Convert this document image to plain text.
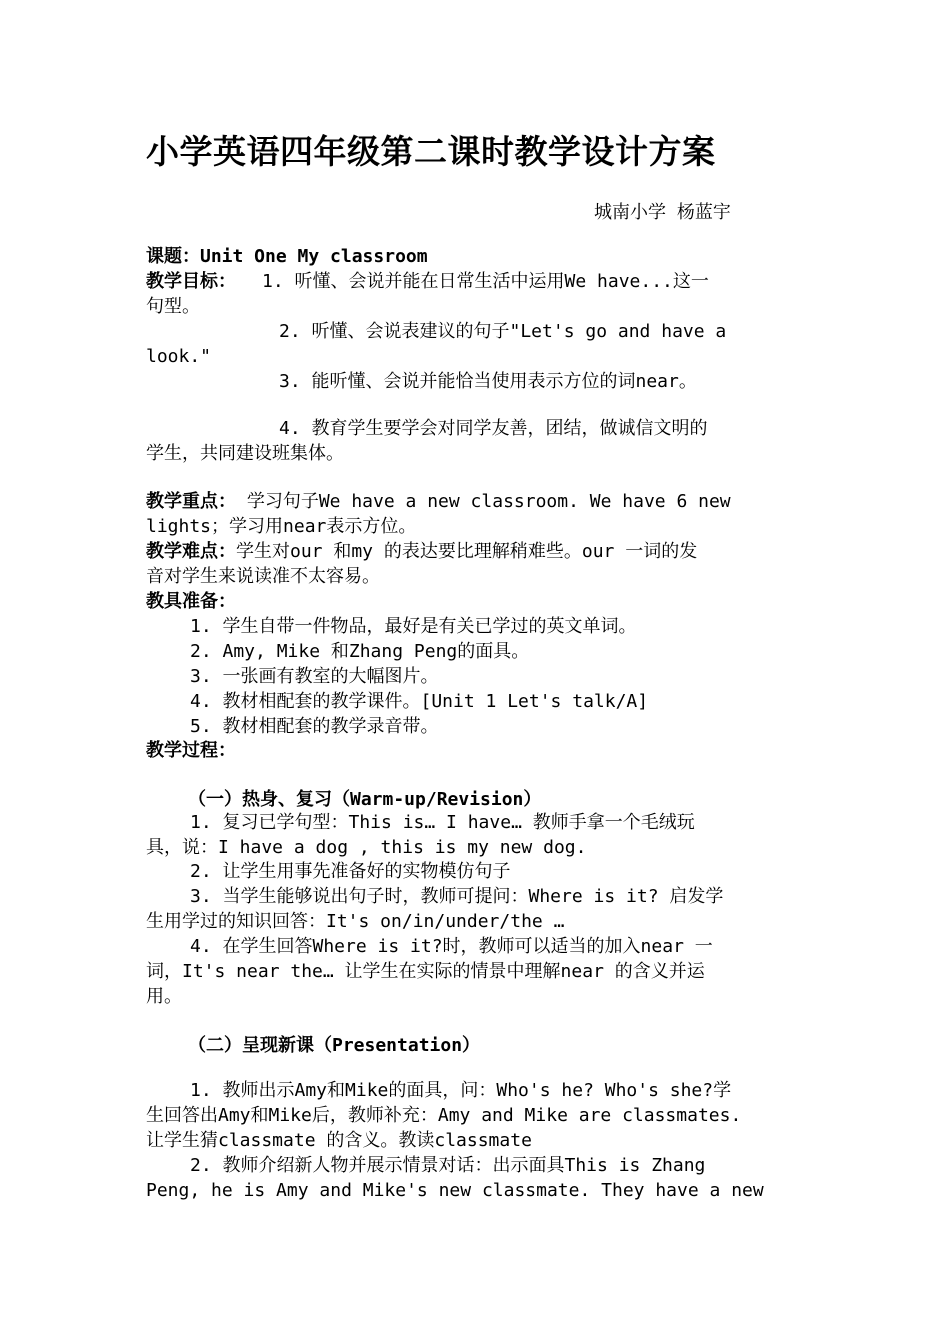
小学英语四年级第二课时教学设计方案
城南小学 杨蓝宇
课题：Unit One My classroom
教学目标： 1. 听懂、会说并能在日常生活中运用We have...这一
句型。
2. 听懂、会说表建议的句子"Let's go and have a
look."
3. 能听懂、会说并能恰当使用表示方位的词near。
4. 教育学生要学会对同学友善，团结，做诚信文明的
学生，共同建设班集体。
教学重点： 学习句子We have a new classroom. We have 6 new
lights；学习用near表示方位。
教学难点：学生对our 和my 的表达要比理解稍难些。our 一词的发
音对学生来说读准不太容易。
教具准备：
1. 学生自带一件物品，最好是有关已学过的英文单词。
2. Amy, Mike 和Zhang Peng的面具。
3. 一张画有教室的大幅图片。
4. 教材相配套的教学课件。[Unit 1 Let's talk/A]
5. 教材相配套的教学录音带。
教学过程：
（一）热身、复习（Warm-up/Revision）
1. 复习已学句型：This is… I have… 教师手拿一个毛绒玩
具，说：I have a dog , this is my new dog.
2. 让学生用事先准备好的实物模仿句子
3. 当学生能够说出句子时，教师可提问：Where is it? 启发学
生用学过的知识回答：It's on/in/under/the …
4. 在学生回答Where is it?时，教师可以适当的加入near 一
词，It's near the… 让学生在实际的情景中理解near 的含义并运
用。
（二）呈现新课（Presentation）
1. 教师出示Amy和Mike的面具，问：Who's he? Who's she?学
生回答出Amy和Mike后，教师补充：Amy and Mike are classmates.
让学生猜classmate 的含义。教读classmate
2. 教师介绍新人物并展示情景对话：出示面具This is Zhang
Peng, he is Amy and Mike's new classmate. They have a new
